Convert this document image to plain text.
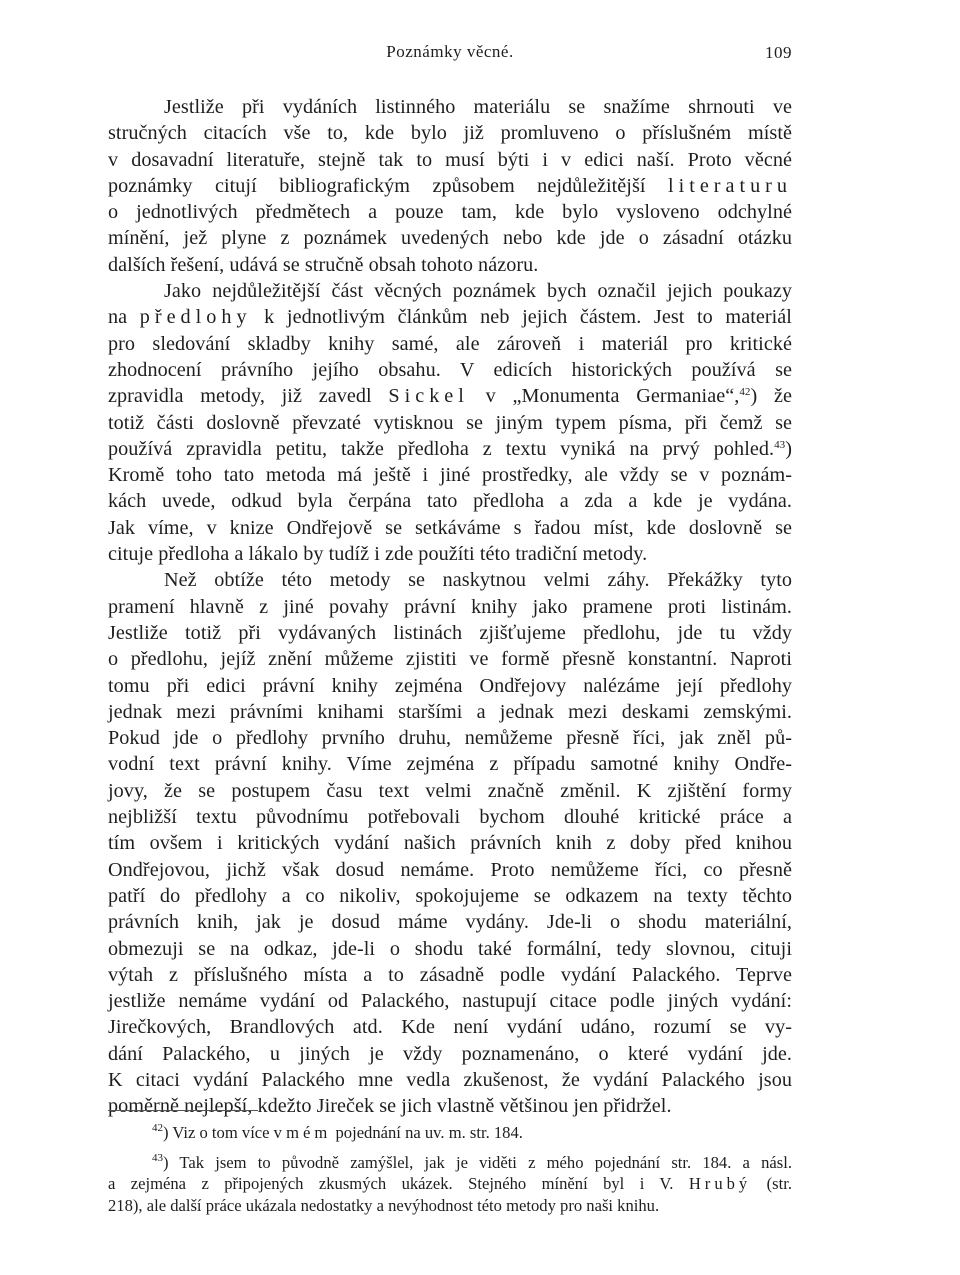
Poznámky věcné.	109
Jestliže při vydáních listinného materiálu se snažíme shrnouti ve
stručných citacích vše to, kde bylo již promluveno o příslušném místě
v dosavadní literatuře, stejně tak to musí býti i v edici naší. Proto věcné
poznámky citují bibliografickým způsobem nejdůležitější literaturu
o jednotlivých předmětech a pouze tam, kde bylo vysloveno odchylné
mínění, jež plyne z poznámek uvedených nebo kde jde o zásadní otázku
dalších řešení, udává se stručně obsah tohoto názoru.
Jako nejdůležitější část věcných poznámek bych označil jejich poukazy
na předlohy k jednotlivým článkům neb jejich částem. Jest to materiál
pro sledování skladby knihy samé, ale zároveň i materiál pro kritické
zhodnocení právního jejího obsahu. V edicích historických používá se
zpravidla metody, již zavedl Sickel v „Monumenta Germaniae“,$^{42}$) že
totiž části doslovně převzaté vytisknou se jiným typem písma, při čemž se
používá zpravidla petitu, takže předloha z textu vyniká na prvý pohled.$^{43}$)
Kromě toho tato metoda má ještě i jiné prostředky, ale vždy se v poznám-
kách uvede, odkud byla čerpána tato předloha a zda a kde je vydána.
Jak víme, v knize Ondřejově se setkáváme s řadou míst, kde doslovně se
cituje předloha a lákalo by tudíž i zde použíti této tradiční metody.
Než obtíže této metody se naskytnou velmi záhy. Překážky tyto
pramení hlavně z jiné povahy právní knihy jako pramene proti listinám.
Jestliže totiž při vydávaných listinách zjišťujeme předlohu, jde tu vždy
o předlohu, jejíž znění můžeme zjistiti ve formě přesně konstantní. Naproti
tomu při edici právní knihy zejména Ondřejovy nalézáme její předlohy
jednak mezi právními knihami staršími a jednak mezi deskami zemskými.
Pokud jde o předlohy prvního druhu, nemůžeme přesně říci, jak zněl pů-
vodní text právní knihy. Víme zejména z případu samotné knihy Ondře-
jovy, že se postupem času text velmi značně změnil. K zjištění formy
nejbližší textu původnímu potřebovali bychom dlouhé kritické práce a
tím ovšem i kritických vydání našich právních knih z doby před knihou
Ondřejovou, jichž však dosud nemáme. Proto nemůžeme říci, co přesně
patří do předlohy a co nikoliv, spokojujeme se odkazem na texty těchto
právních knih, jak je dosud máme vydány. Jde-li o shodu materiální,
obmezuji se na odkaz, jde-li o shodu také formální, tedy slovnou, cituji
výtah z příslušného místa a to zásadně podle vydání Palackého. Teprve
jestliže nemáme vydání od Palackého, nastupují citace podle jiných vydání:
Jirečkových, Brandlových atd. Kde není vydání udáno, rozumí se vy-
dání Palackého, u jiných je vždy poznamenáno, o které vydání jde.
K citaci vydání Palackého mne vedla zkušenost, že vydání Palackého jsou
poměrně nejlepší, kdežto Jireček se jich vlastně většinou jen přidržel.
$^{42}$) Viz o tom více v mém pojednání na uv. m. str. 184.
$^{43}$) Tak jsem to původně zamýšlel, jak je viděti z mého pojednání str. 184. a násl.
a zejména z připojených zkusmých ukázek. Stejného mínění byl i V. Hrubý (str.
218), ale další práce ukázala nedostatky a nevýhodnost této metody pro naši knihu.
